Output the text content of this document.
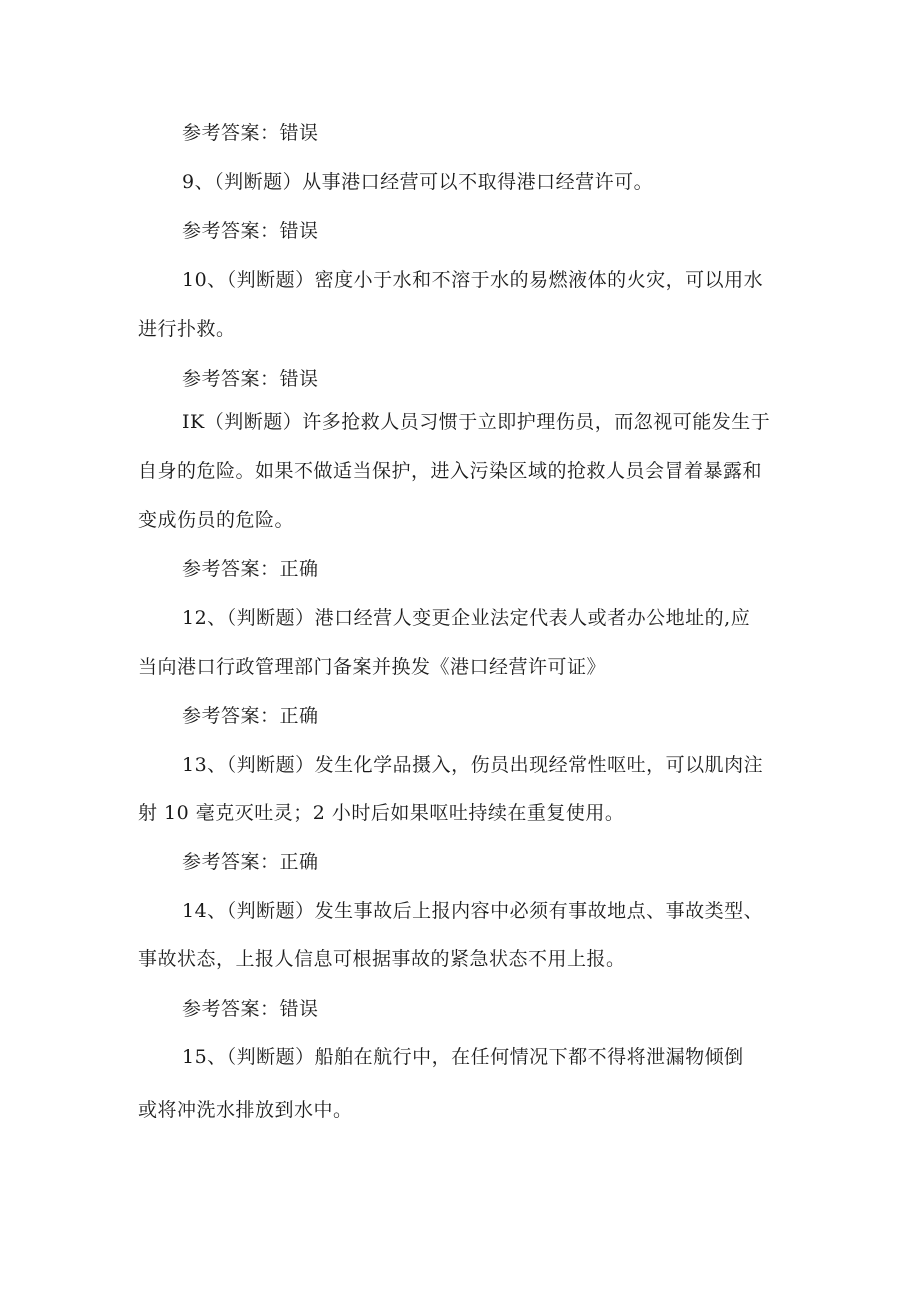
参考答案：错误
9、（判断题）从事港口经营可以不取得港口经营许可。
参考答案：错误
10、（判断题）密度小于水和不溶于水的易燃液体的火灾，可以用水
进行扑救。
参考答案：错误
IK（判断题）许多抢救人员习惯于立即护理伤员，而忽视可能发生于
自身的危险。如果不做适当保护，进入污染区域的抢救人员会冒着暴露和
变成伤员的危险。
参考答案：正确
12、（判断题）港口经营人变更企业法定代表人或者办公地址的,应
当向港口行政管理部门备案并换发《港口经营许可证》
参考答案：正确
13、（判断题）发生化学品摄入，伤员出现经常性呕吐，可以肌肉注
射 10 毫克灭吐灵；2 小时后如果呕吐持续在重复使用。
参考答案：正确
14、（判断题）发生事故后上报内容中必须有事故地点、事故类型、
事故状态，上报人信息可根据事故的紧急状态不用上报。
参考答案：错误
15、（判断题）船舶在航行中，在任何情况下都不得将泄漏物倾倒
或将冲洗水排放到水中。
